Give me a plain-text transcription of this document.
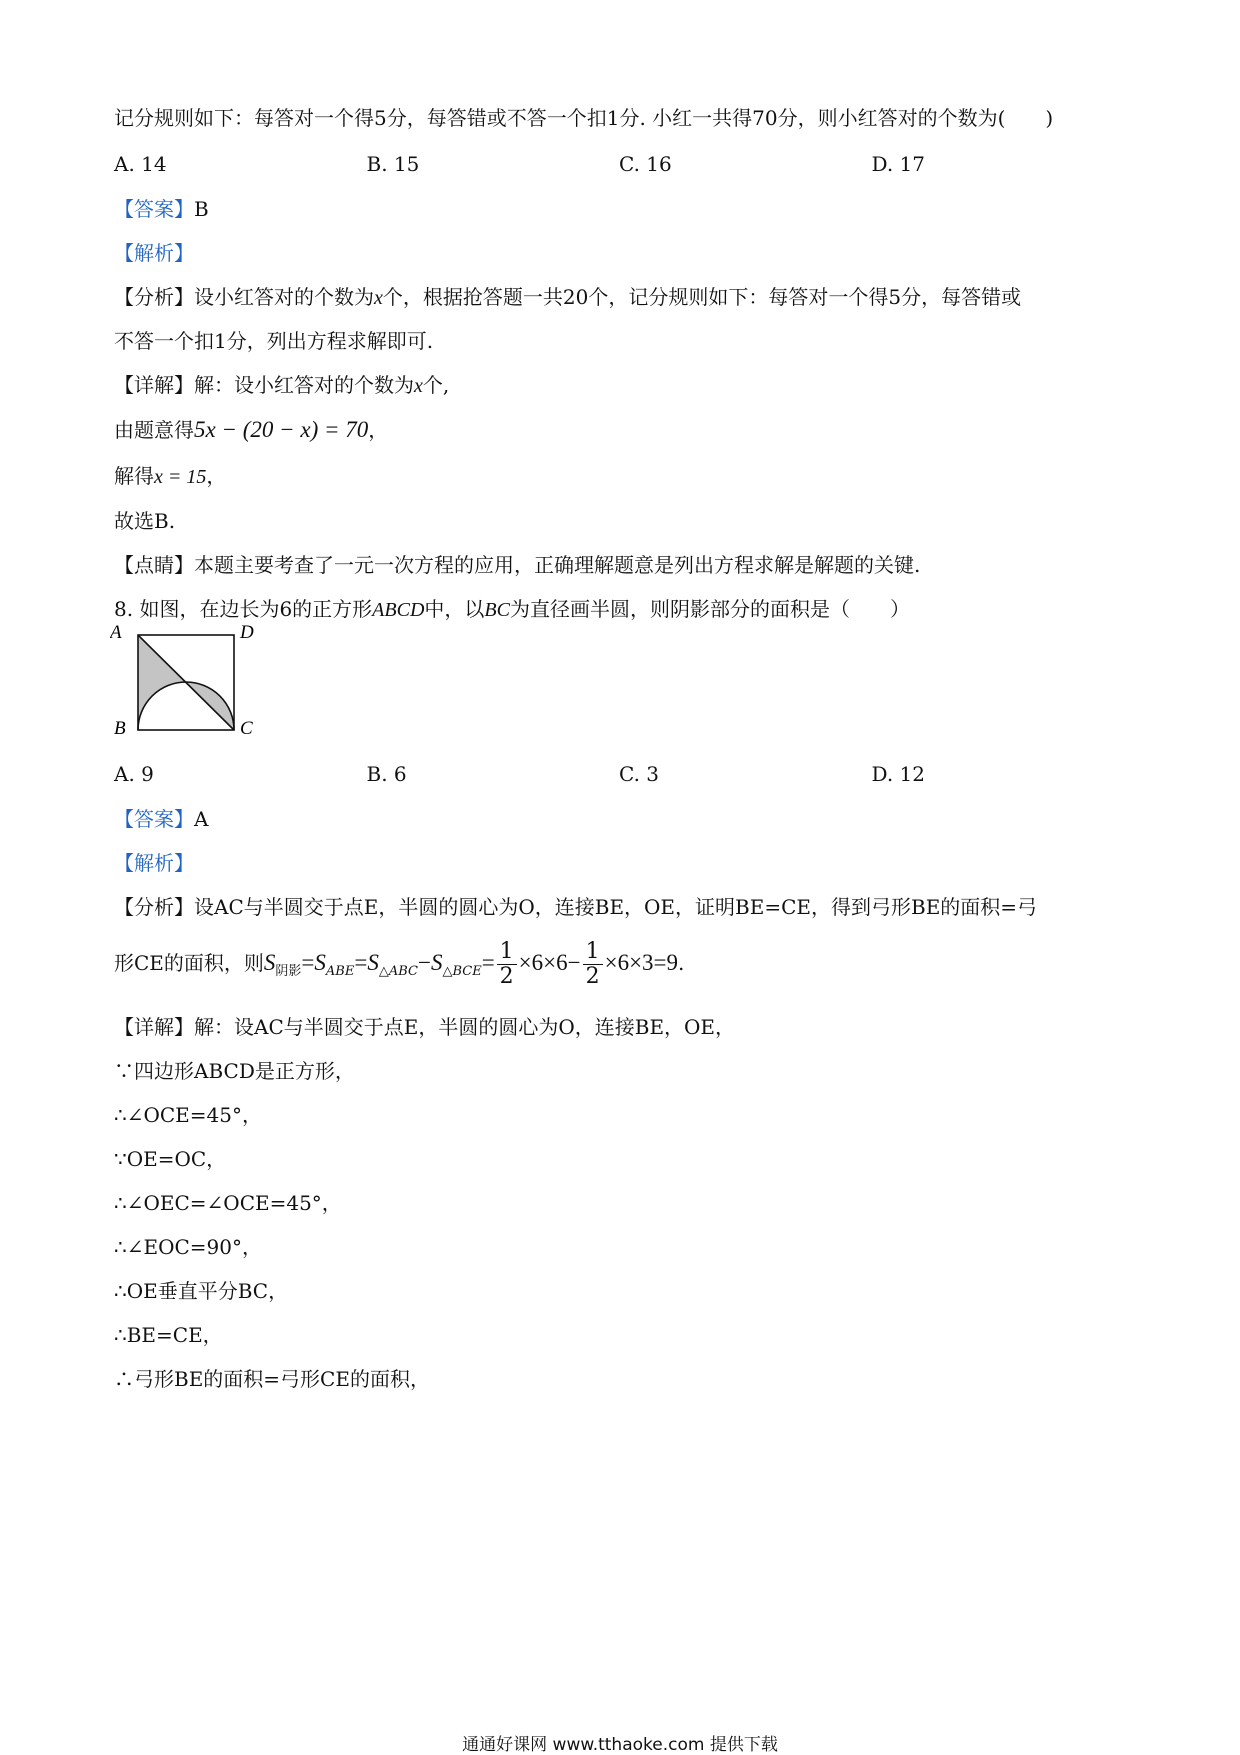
记分规则如下：每答对一个得5分，每答错或不答一个扣1分. 小红一共得70分，则小红答对的个数为(　　)
A. 14	B. 15	C. 16	D. 17
【答案】B
【解析】
【分析】设小红答对的个数为x个，根据抢答题一共20个，记分规则如下：每答对一个得5分，每答错或
不答一个扣1分，列出方程求解即可.
【详解】解：设小红答对的个数为x个,
由题意得5x − (20 − x) = 70，
解得x = 15，
故选B.
【点睛】本题主要考查了一元一次方程的应用，正确理解题意是列出方程求解是解题的关键.
8. 如图，在边长为6的正方形ABCD中，以BC为直径画半圆，则阴影部分的面积是（　　）
A	D
B	C
A. 9	B. 6	C. 3	D. 12
【答案】A
【解析】
【分析】设AC与半圆交于点E，半圆的圆心为O，连接BE，OE，证明BE=CE，得到弓形BE的面积=弓
形CE的面积，则$S_{阴影}=S_{ABE}=S_{\triangle ABC}-S_{\triangle BCE}= \frac{1}{2} \times 6\times 6- \frac{1}{2} \times 6\times 3=9$.
【详解】解：设AC与半圆交于点E，半圆的圆心为O，连接BE，OE，
∵四边形ABCD是正方形，
∴∠OCE=45°，
∵OE=OC，
∴∠OEC=∠OCE=45°，
∴∠EOC=90°，
∴OE垂直平分BC，
∴BE=CE，
∴弓形BE的面积=弓形CE的面积，
通通好课网 www.tthaoke.com 提供下载
